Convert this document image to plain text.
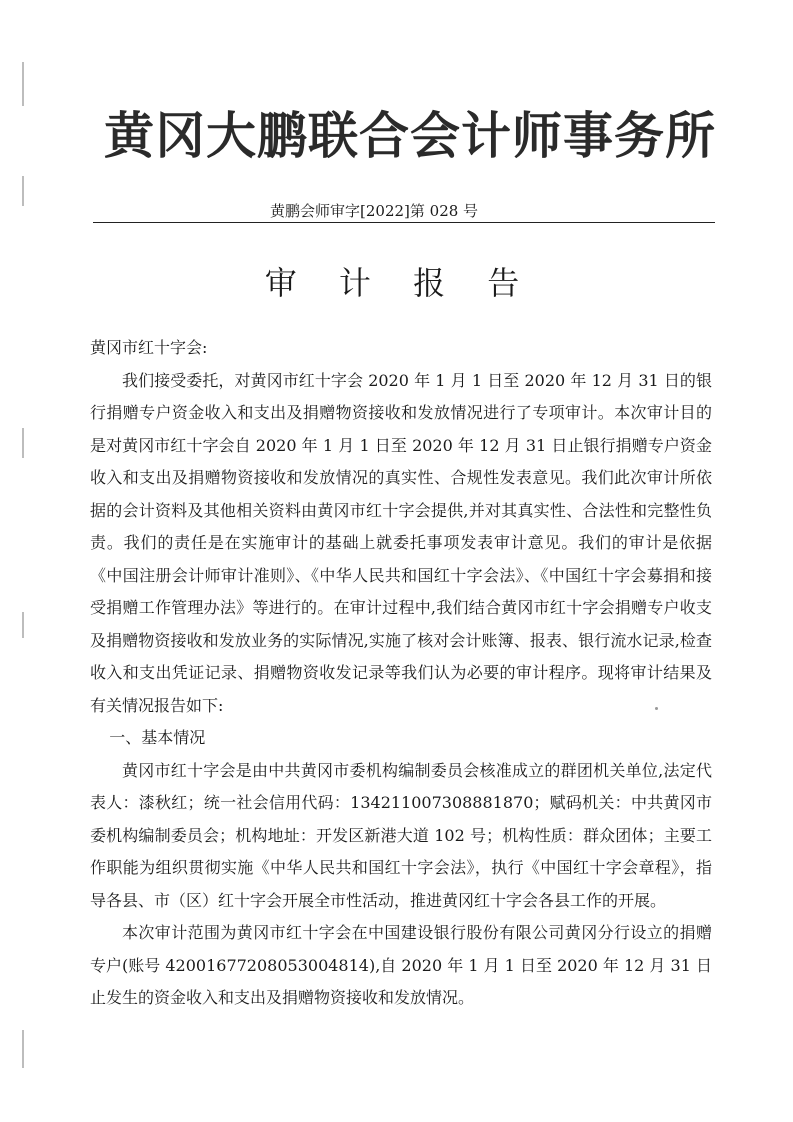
黄冈大鹏联合会计师事务所
黄鹏会师审字[2022]第 028 号
审 计 报 告

黄冈市红十字会:

我们接受委托，对黄冈市红十字会 2020 年 1 月 1 日至 2020 年 12 月 31 日的银行捐赠专户资金收入和支出及捐赠物资接收和发放情况进行了专项审计。本次审计目的是对黄冈市红十字会自 2020 年 1 月 1 日至 2020 年 12 月 31 日止银行捐赠专户资金收入和支出及捐赠物资接收和发放情况的真实性、合规性发表意见。我们此次审计所依据的会计资料及其他相关资料由黄冈市红十字会提供,并对其真实性、合法性和完整性负责。我们的责任是在实施审计的基础上就委托事项发表审计意见。我们的审计是依据《中国注册会计师审计准则》、《中华人民共和国红十字会法》、《中国红十字会募捐和接受捐赠工作管理办法》等进行的。在审计过程中,我们结合黄冈市红十字会捐赠专户收支及捐赠物资接收和发放业务的实际情况,实施了核对会计账簿、报表、银行流水记录,检查收入和支出凭证记录、捐赠物资收发记录等我们认为必要的审计程序。现将审计结果及有关情况报告如下:

一、基本情况

黄冈市红十字会是由中共黄冈市委机构编制委员会核准成立的群团机关单位,法定代表人：漆秋红；统一社会信用代码：134211007308881870；赋码机关：中共黄冈市委机构编制委员会；机构地址：开发区新港大道 102 号；机构性质：群众团体；主要工作职能为组织贯彻实施《中华人民共和国红十字会法》，执行《中国红十字会章程》，指导各县、市（区）红十字会开展全市性活动，推进黄冈红十字会各县工作的开展。

本次审计范围为黄冈市红十字会在中国建设银行股份有限公司黄冈分行设立的捐赠专户(账号 42001677208053004814),自 2020 年 1 月 1 日至 2020 年 12 月 31 日止发生的资金收入和支出及捐赠物资接收和发放情况。
